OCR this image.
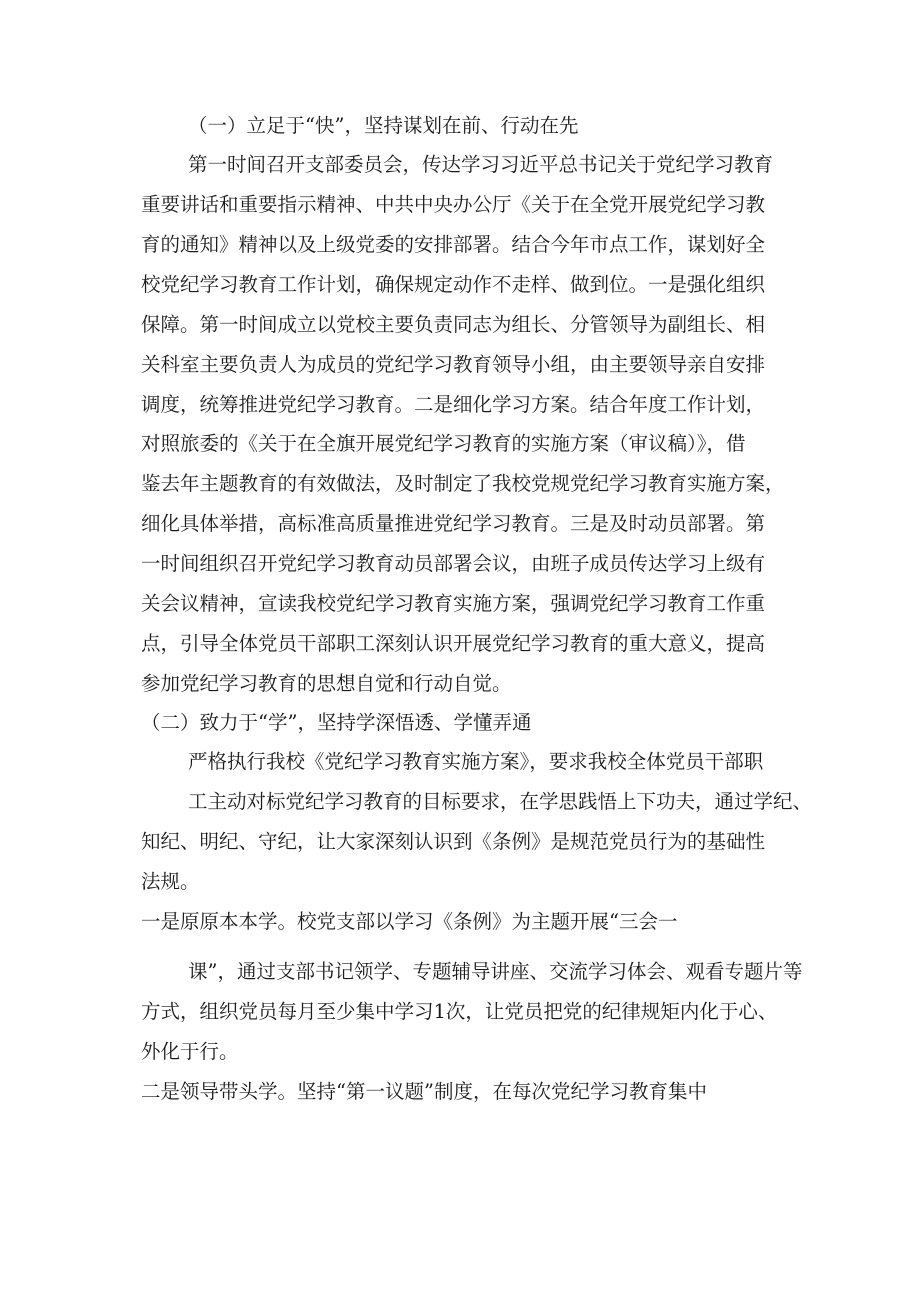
（一）立足于“快”，坚持谋划在前、行动在先
第一时间召开支部委员会，传达学习习近平总书记关于党纪学习教育
重要讲话和重要指示精神、中共中央办公厅《关于在全党开展党纪学习教
育的通知》精神以及上级党委的安排部署。结合今年市点工作，谋划好全
校党纪学习教育工作计划，确保规定动作不走样、做到位。一是强化组织
保障。第一时间成立以党校主要负责同志为组长、分管领导为副组长、相
关科室主要负责人为成员的党纪学习教育领导小组，由主要领导亲自安排
调度，统筹推进党纪学习教育。二是细化学习方案。结合年度工作计划，
对照旅委的《关于在全旗开展党纪学习教育的实施方案（审议稿）》，借
鉴去年主题教育的有效做法，及时制定了我校党规党纪学习教育实施方案，
细化具体举措，高标准高质量推进党纪学习教育。三是及时动员部署。第
一时间组织召开党纪学习教育动员部署会议，由班子成员传达学习上级有
关会议精神，宣读我校党纪学习教育实施方案，强调党纪学习教育工作重
点，引导全体党员干部职工深刻认识开展党纪学习教育的重大意义，提高
参加党纪学习教育的思想自觉和行动自觉。
（二）致力于“学”，坚持学深悟透、学懂弄通
严格执行我校《党纪学习教育实施方案》，要求我校全体党员干部职
工主动对标党纪学习教育的目标要求，在学思践悟上下功夫，通过学纪、
知纪、明纪、守纪，让大家深刻认识到《条例》是规范党员行为的基础性
法规。
一是原原本本学。校党支部以学习《条例》为主题开展“三会一
课”，通过支部书记领学、专题辅导讲座、交流学习体会、观看专题片等
方式，组织党员每月至少集中学习1次，让党员把党的纪律规矩内化于心、
外化于行。
二是领导带头学。坚持“第一议题”制度，在每次党纪学习教育集中
